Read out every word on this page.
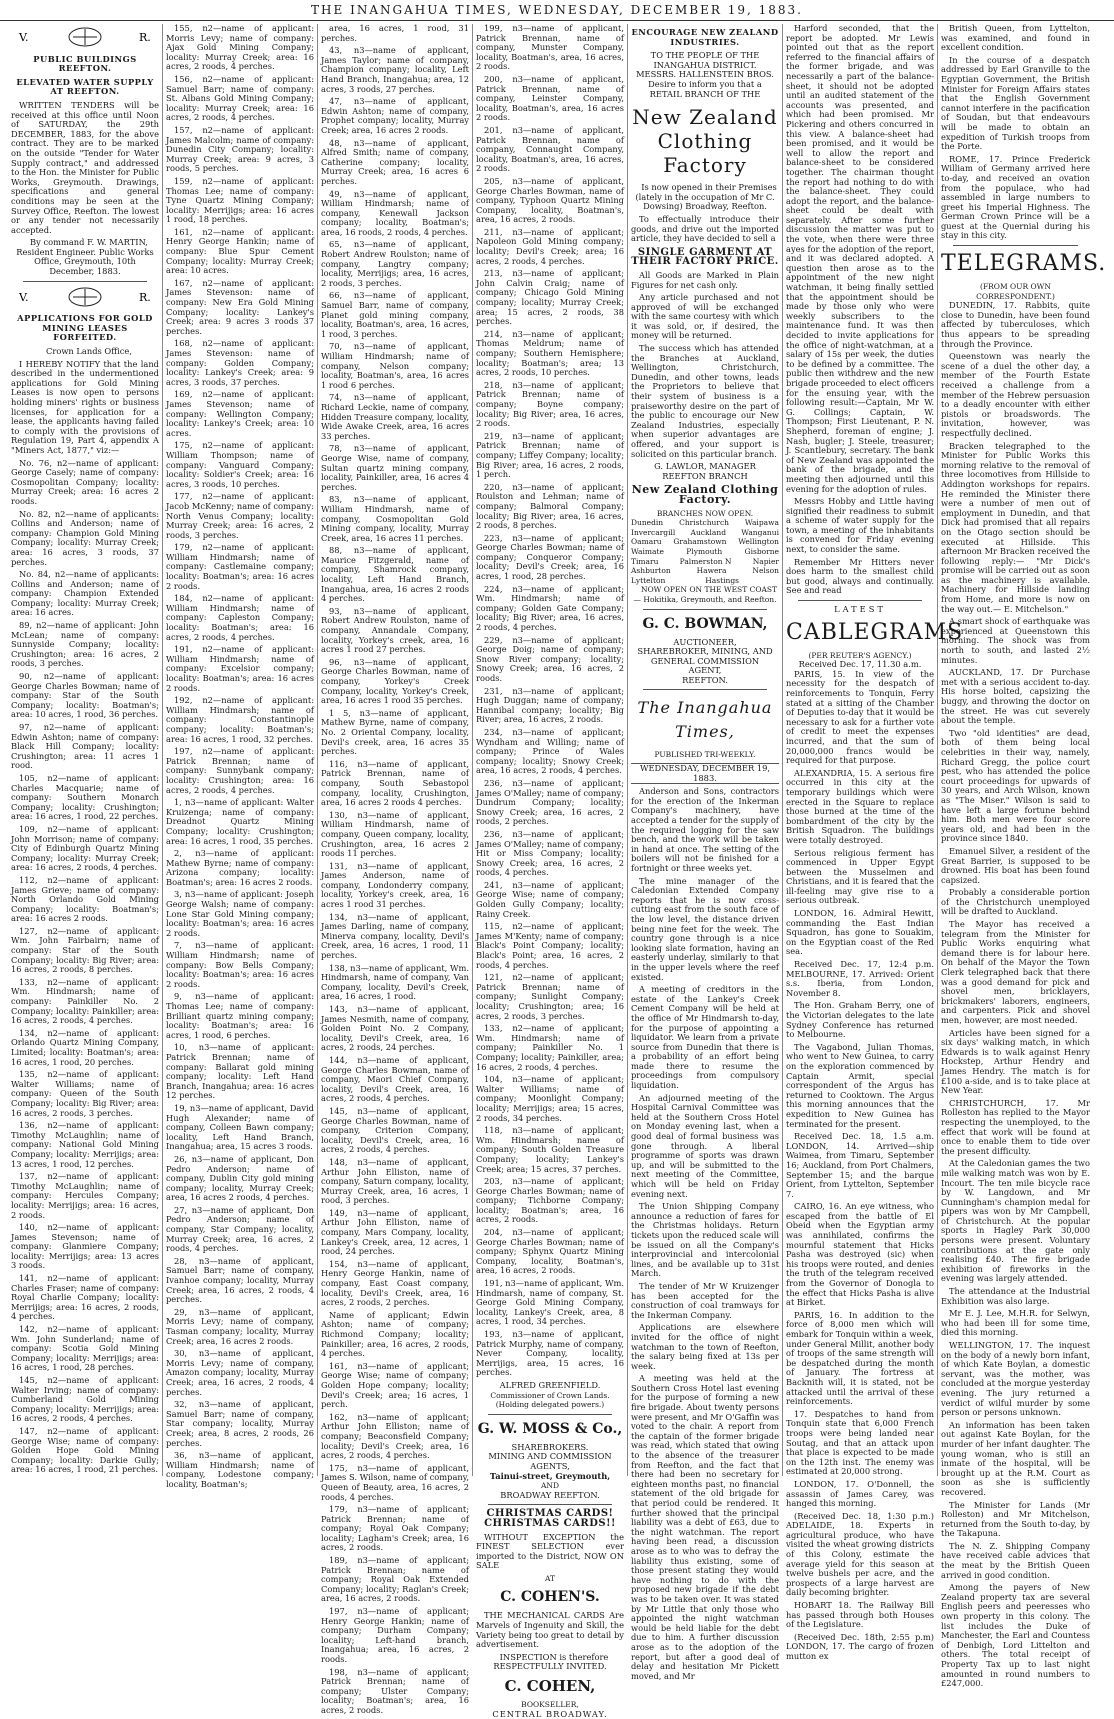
THE INANGAHUA TIMES, WEDNESDAY, DECEMBER 19, 1883.
V.	R.
PUBLIC BUILDINGS REEFTON.
ELEVATED WATER SUPPLY AT REEFTON.

WRITTEN TENDERS will be received at this office until Noon of SATURDAY, the 29th DECEMBER, 1883, for the above contract. They are to be marked on the outside "Tender for Water Supply contract," and addressed to the Hon. the Minister for Public Works, Greymouth. Drawings, specifications and general conditions may be seen at the Survey Office, Reefton. The lowest or any tender not necessarily accepted.

By command F. W. MARTIN, Resident Engineer. Public Works Office, Greymouth, 10th December, 1883.

V.	R.
APPLICATIONS FOR GOLD MINING LEASES FORFEITED.

Crown Lands Office,

I HEREBY NOTIFY that the land described in the undermentioned applications for Gold Mining Leases is now open to persons holding miners' rights or business licenses, for application for a lease, the applicants having failed to comply with the provisions of Regulation 19, Part 4, appendix A "Miners Act, 1877," viz:—

No. 76, n2—name of applicant: George Casely; name of company: Cosmopolitan Company; locality: Murray Creek; area: 16 acres 2 roods.

No. 82, n2—name of applicants: Collins and Anderson; name of company: Champion Gold Mining Company; locality: Murray Creek; area: 16 acres, 3 roods, 37 perches.

No. 84, n2—name of applicants: Collins and Anderson; name of company: Champion Extended Company; locality: Murray Creek; area: 16 acres.

89, n2—name of applicant: John McLean; name of company: Sunnyside Company; locality: Crushington; area: 16 acres, 2 roods, 3 perches.

90, n2—name of applicant: George Charles Bowman; name of company: Star of the South Company; locality: Boatman's; area: 10 acres, 1 rood, 36 perches.

97, n2—name of applicant: Edwin Ashton; name of company: Black Hill Company; locality: Crushington; area: 11 acres 1 rood.

105, n2—name of applicant: Charles Macquarie; name of company: Southern Monarch Company; locality: Crushington; area: 16 acres, 1 rood, 22 perches.

109, n2—name of applicant: John Morrison; name of company: City of Edinburgh Quartz Mining Company; locality: Murray Creek; area: 16 acres, 2 roods, 4 perches.

112, n2—name of applicant: James Grieve; name of company: North Orlando Gold Mining Company; locality: Boatman's; area: 16 acres 2 roods.

127, n2—name of applicant: Wm. John Fairbairn; name of company: Star of the South Company; locality: Big River; area: 16 acres, 2 roods, 8 perches.

133, n2—name of applicant: Wm. Hindmarsh; name of company: Painkiller No. 2 Company; locality: Painkiller; area: 16 acres, 2 roods, 4 perches.

134, n2—name of applicant: Orlando Quartz Mining Company, Limited; locality: Boatman's; area: 16 acres, 1 rood, 20 perches.

135, n2—name of applicant: Walter Williams; name of company: Queen of the South Company; locality: Big River; area: 16 acres, 2 roods, 3 perches.

136, n2—name of applicant: Timothy McLaughlin; name of company: National Gold Mining Company; locality: Merrijigs; area: 13 acres, 1 rood, 12 perches.

137, n2—name of applicant: Timothy McLaughlin; name of company: Hercules Company; locality: Merrijigs; area: 16 acres, 2 roods.

140, n2—name of applicant: James Stevenson; name of company: Glanmiere Company; locality: Merrijigs; area: 13 acres 3 roods.

141, n2—name of applicant: Charles Fraser; name of company: Royal Charlie Company; locality: Merrijigs; area: 16 acres, 2 roods, 4 perches.

142, n2—name of applicant: Wm. John Sunderland; name of company: Scotia Gold Mining Company; locality: Merrijigs; area: 16 acres, 1 rood, 28 perches.

145, n2—name of applicant: Walter Irving; name of company: Cumberland Gold Mining Company; locality: Merrijigs; area: 16 acres, 2 roods, 4 perches.

147, n2—name of applicant: George Wise; name of company: Golden Hope Gold Mining Company; locality: Darkie Gully; area: 16 acres, 1 rood, 21 perches.

155, n2—name of applicant: Morris Levy; name of company: Ajax Gold Mining Company; locality: Murray Creek; area: 16 acres, 2 roods, 4 perches.

156, n2—name of applicant: Samuel Barr; name of company: St. Albans Gold Mining Company; locality: Murray Creek; area: 16 acres, 2 roods, 4 perches.

157, n2—name of applicant: James Malcolm; name of company: Dunedin City Company; locality: Murray Creek; area: 9 acres, 3 roods, 5 perches.

159, n2—name of applicant: Thomas Lee; name of company: Tyne Quartz Mining Company; locality: Merrijigs; area: 16 acres 1 rood, 18 perches.

161, n2—name of applicant: Henry George Hankin; name of company: Blue Spur Cement Company; locality: Murray Creek; area: 10 acres.

167, n2—name of applicant: James Stevenson: name of company: New Era Gold Mining Company; locality: Lankey's Creek; area: 9 acres 3 roods 37 perches.

168, n2—name of applicant: James Stevenson: name of company: Golden Company; locality: Lankey's Creek; area: 9 acres, 3 roods, 37 perches.

169, n2—name of applicant: James Stevenson; name of company: Wellington Company; locality: Lankey's Creek; area: 10 acres.

175, n2—name of applicant: William Thompson; name of company: Vanguard Company; locality: Soldier's Creek; area: 16 acres, 3 roods, 10 perches.

177, n2—name of applicant: Jacob McKenny; name of company: North Venus Company; locality: Murray Creek; area: 16 acres, 2 roods, 3 perches.

179, n2—name of applicant: William Hindmarsh; name of company: Castlemaine company; locality: Boatman's; area: 16 acres 2 roods.

184, n2—name of applicant: William Hindmarsh; name of company: Capleston Company; locality: Boatman's; area: 16 acres, 2 roods, 4 perches.

191, n2—name of applicant: William Hindmarsh; name of company: Excelsior company; locality: Boatman's; area: 16 acres 2 roods.

192, n2—name of applicant: William Hindmarsh; name of company: Constantinople company; locality: Boatman's; area: 16 acres, 1 rood, 32 perches.

197, n2—name of applicant: Patrick Brennan; name of company: Sunnybank company; locality: Crushington; area: 16 acres, 2 roods, 4 perches.

1, n3—name of applicant: Walter Kruizenga; name of company: Dreadnot Quartz Mining Company; locality: Crushington; area: 16 acres, 1 rood, 35 perches.

2, n3—name of applicant: Mathew Byrne; name of company: Arizona company; locality: Boatman's; area: 16 acres 2 roods.

3, n3—name of applicant: Joseph George Walsh; name of company: Lone Star Gold Mining company; locality: Boatman's; area: 16 acres 2 roods.

7, n3—name of applicant: William Hindmarsh; name of company: Bow Bells Company; locality: Boatman's; area: 16 acres 2 roods.

9, n3—name of applicant: Thomas Lee; name of company: Brilliant quartz mining company; locality: Boatman's; area: 16 acres, 1 rood, 6 perches.

10, n3—name of applicant: Patrick Brennan; name of company: Ballarat gold mining company; locality: Left Hand Branch, Inangahua; area: 16 acres 12 perches.

19, n3—name of applicant, David Hugh Alexander; name of company, Colleen Bawn company; locality, Left Hand Branch, Inangahua; area, 15 acres 3 roods.

26, n3—name of applicant, Don Pedro Anderson; name of company, Dublin City gold mining company; locality, Murray Creek; area, 16 acres 2 roods, 4 perches.

27, n3—name of applicant, Don Pedro Anderson; name of company, Star Company; locality, Murray Creek; area, 16 acres, 2 roods, 4 perches.

28, n3—name of applicant, Samuel Barr; name of company, Ivanhoe company; locality, Murray Creek; area, 16 acres, 2 roods, 4 perches.

29, n3—name of applicant, Morris Levy; name of company, Tasman company; locality, Murray Creek; area, 16 acres 2 roods.

30, n3—name of applicant, Morris Levy; name of company, Amazon company; locality, Murray Creek; area, 16 acres, 2 roods, 4 perches.

32, n3—name of applicant, Samuel Barr; name of company, Star company; locality, Murray Creek; area, 8 acres, 2 roods, 26 perches.

36, n3—name of applicant, William Hindmarsh; name of company, Lodestone company; locality, Boatman's;

area, 16 acres, 1 rood, 31 perches.

43, n3—name of applicant, James Taylor; name of company, Champion company; locality, Left Hand Branch, Inangahua; area, 12 acres, 3 roods, 27 perches.

47, n3—name of applicant, Edwin Ashton; name of company, Prophet company; locality, Murray Creek; area, 16 acres 2 roods.

48, n3—name of applicant, Alfred Smith; name of company, Catherine company; locality, Murray Creek; area, 16 acres 6 perches.

49, n3—name of applicant, William Hindmarsh; name of company, Kenewall Jackson company; locality, Boatman's; area, 16 roods, 2 roods, 4 perches.

65, n3—name of applicant, Robert Andrew Roulston; name of company, Langtry company; locality, Merrijigs; area, 16 acres, 2 roods, 3 perches.

66, n3—name of applicant, Samuel Barr, name of company, Planet gold mining company, locality, Boatman's, area, 16 acres, 1 rood, 3 perches.

70, n3—name of applicant, William Hindmarsh; name of company, Nelson company; locality, Boatman's, area, 16 acres 1 rood 6 perches.

74, n3—name of applicant, Richard Leckie, name of company, Hidden Treasure company, locality, Wide Awake Creek, area, 16 acres 33 perches.

78, n3—name of applicant, George Wise, name of company, Sultan quartz mining company, locality, Painkiller, area, 16 acres 4 perches.

83, n3—name of applicant, William Hindmarsh, name of company, Cosmopolitan Gold Mining company, locality, Murray Creek, area, 16 acres 11 perches.

88, n3—name of applicant, Maurice Fitzgerald, name of company, Shamrock company, locality, Left Hand Branch, Inangahua, area, 16 acres 2 roods 4 perches.

93, n3—name of applicant, Robert Andrew Roulston, name of company, Annandale Company, locality, Yorkey's creek, area, 16 acres 1 rood 27 perches.

96, n3—name of applicant, George Charles Bowman, name of company, Yorkey's Creek Company, locality, Yorkey's Creek, area, 16 acres 1 rood 35 perches.

1 5, n3—name of applicant, Mathew Byrne, name of company, No. 2 Oriental Company, locality, Devil's creek, area, 16 acres 35 perches.

116, n3—name of applicant, Patrick Brennan, name of company, South Sebastopol company, locality, Crushington, area, 16 acres 2 roods 4 perches.

130, n3—name of applicant, William Hindmarsh, name of company, Queen company, locality, Crushington, area, 16 acres 2 roods 11 perches.

131, n3—name of applicant, James Anderson, name of company, Londonderry company, locality, Yorkey's creek, area, 16 acres 1 rood 31 perches.

134, n3—name of applicant, James Darling, name of company, Minerva company, locality, Devil's Creek, area, 16 acres, 1 rood, 11 perches.

138, n3—name of applicant, Wm. Hindmarsh, name of company, Van Company, locality, Devil's Creek, area, 16 acres, 1 rood.

143, n3—name of applicant, James Nesmith, name of company, Golden Point No. 2 Company, locality, Devil's Creek, area, 16 acres, 2 roods, 24 perches.

144, n3—name of applicant, George Charles Bowman, name of company, Maori Chief Company, locality, Devil's Creek, area, 16 acres, 2 roods, 4 perches.

145, n3—name of applicant, George Charles Bowman, name of company, Criterion Company, locality, Devil's Creek, area, 16 acres, 2 roods, 4 perches.

148, n3—name of applicant, Arthur John Elliston, name of company, Saturn company, locality, Murray Creek, area, 16 acres, 1 rood, 3 perches.

149, n3—name of applicant, Arthur John Elliston, name of company, Mars Company, locality, Lankey's Creek, area, 12 acres, 1 rood, 24 perches.

154, n3—name of applicant, Henry George Hankin, name of company, East Coast company, locality, Devil's Creek, area, 16 acres, 2 roods, 2 perches.

Name of applicant; Edwin Ashton; name of company; Richmond Company; locality; Painkiller; area, 16 acres, 2 roods, 4 perches.

161, n3—name of applicant; George Wise; name of company; Golden Hope company; locality; Devil's Creek; area; 16 acres, 1 perch.

162, n3—name of applicant; Arthur John Elliston; name of company; Beaconsfield Company; locality; Devil's Creek; area, 16 acres, 2 roods, 4 perches.

175, n3—name of applicant, James S. Wilson, name of company, Queen of Beauty, area, 16 acres, 2 roods, 4 perches.

179, n3—name of applicant; Patrick Brennan; name of company; Royal Oak Company; locality; Lagham's Creek; area, 16 acres, 2 roods.

189, n3—name of applicant; Patrick Brennan; name of company; Royal Oak Extended Company; locality; Raglan's Creek; area, 16 acres, 2 roods.

197, n3—name of applicant; Henry George Hankin; name of company; Durham Company; locality; Left-hand branch, Inangahua; area, 16 acres, 2 roods.

198, n3—name of applicant; Patrick Brennan; name of company; Ulster Company; locality; Boatman's; area, 16 acres, 2 roods.

199, n3—name of applicant, Patrick Brennan, name of company, Munster Company, locality, Boatman's, area, 16 acres, 2 roods.

200, n3—name of applicant, Patrick Brennan, name of company, Leinster Company, locality, Boatman's, area, 16 acres 2 roods.

201, n3—name of applicant, Patrick Brennan, name of company, Connaught Company, locality, Boatman's, area, 16 acres, 2 roods.

205, n3—name of applicant, George Charles Bowman, name of company, Typhoon Quartz Mining Company, locality, Boatman's, area, 16 acres, 2 roods.

211, n3—name of applicant; Napoleon Gold Mining company; locality; Devil's Creek; area; 16 acres, 2 roods, 4 perches.

213, n3—name of applicant; John Calvin Craig; name of company; Chicago Gold Mining company; locality; Murray Creek; area; 15 acres, 2 roods, 38 perches.

214, n3—name of applicant; Thomas Meldrum; name of company; Southern Hemisphere; locality; Boatman's; area; 13 acres, 2 roods, 10 perches.

218, n3—name of applicant; Patrick Brennan; name of company; Boyne company; locality; Big River; area, 16 acres, 2 roods.

219, n3—name of applicant; Patrick Brennan; name of company; Liffey Company; locality; Big River; area, 16 acres, 2 roods, 1 perch.

220, n3—name of applicant; Roulston and Lehman; name of company; Balmoral Company; locality; Big River; area, 16 acres, 2 roods, 8 perches.

223, n3—name of applicant; George Charles Bowman; name of company; Conqueror Company; locality; Devil's Creek; area, 16 acres, 1 rood, 28 perches.

224, n3—name of applicant; Wm. Hindmarsh; name of company; Golden Gate Company; locality; Big River; area, 16 acres, 2 roods, 4 perches.

229, n3—name of applicant; George Doig; name of company; Snow River company; locality; Snowy Creek; area, 16 acres, 2 roods.

231, n3—name of applicant; Hugh Duggan; name of company; Hannibal company; locality; Big River; area, 16 acres, 2 roods.

234, n3—name of applicant; Wyndham and Willing; name of company; Prince of Wales company; locality; Snowy Creek; area, 16 acres, 2 roods, 4 perches.

236, n3—name of applicant; James O'Malley; name of company; Dundrum Company; locality; Snowy Creek; area, 16 acres, 2 roods, 2 perches.

236, n3—name of applicant; James O'Malley; name of company; Hit or Miss Company; locality; Snowy Creek; area, 16 acres, 2 roods, 4 perches.

241, n3—name of applicant; George Wise; name of company; Golden Gully Company; locality; Rainy Creek.

115, n2—name of applicant; James M'Kenty; name of company; Black's Point Company; locality; Black's Point; area, 16 acres, 2 roods, 4 perches.

121, n2—name of applicant; Patrick Brennan; name of company; Sunlight Company; locality; Crushington; area; 16 acres, 2 roods, 3 perches.

133, n2—name of applicant; Wm. Hindmarsh; name of company; Painkiller No. 1 Company; locality; Painkiller, area; 16 acres, 2 roods, 4 perches.

104, n3—name of applicant; Walter Williams; name of company; Moonlight Company; locality; Merrijigs; area; 15 acres, 2 roods, 34 perches.

118, n3—name of applicant; Wm. Hindmarsh; name of company; South Golden Treasure Company; locality; Lankey's Creek; area; 15 acres, 37 perches.

203, n3—name of applicant; George Charles Bowman; name of company; Tichborne Company; locality; Boatman's; area, 16 acres, 2 roods.

204, n3—name of applicant; George Charles Bowman; name of company; Sphynx Quartz Mining Company, locality, Boatman's, area, 16 acres, 2 roods.

191, n3—name of applicant, Wm. Hindmarsh, name of company, St. George Gold Mining Company, locality, Lankey's Creek, area, 8 acres, 1 rood, 34 perches.

193, n3—name of applicant, Patrick Murphy, name of company, Never Company, locality, Merrijigs, area, 15 acres, 16 perches.

ALFRED GREENFIELD.
Commissioner of Crown Lands.
(Holding delegated powers.)
G. W. MOSS & Co.,
SHAREBROKERS.
MINING AND COMMISSION AGENTS,
Tainui-street, Greymouth,
AND
BROADWAY REEFTON.
CHRISTMAS CARDS! CHRISTMAS CARDS!!

WITHOUT EXCEPTION the FINEST SELECTION ever imported to the District, NOW ON SALE

AT
C. COHEN'S.

THE MECHANICAL CARDS Are Marvels of Ingenuity and Skill, the Variety being too great to detail by advertisement.

INSPECTION is therefore RESPECTFULLY INVITED.

C. COHEN,
BOOKSELLER,
CENTRAL BROADWAY.
ENCOURAGE NEW ZEALAND INDUSTRIES.
TO THE PEOPLE OF THE INANGAHUA DISTRICT.
MESSRS. HALLENSTEIN BROS. Desire to inform you that a RETAIL BRANCH OF THE
New Zealand Clothing Factory

Is now opened in their Premises (lately in the occupation of Mr C. Dowsing) Broadway, Reefton.

To effectually introduce their goods, and drive out the imported article, they have decided to sell a

SINGLE GARMENT AT THEIR FACTORY PRICE.

All Goods are Marked in Plain Figures for net cash only.

Any article purchased and not approved of will be exchanged with the same courtesy with which it was sold, or, if desired, the money will be returned.

The success which has attended the Branches at Auckland, Wellington, Christchurch, Dunedin, and other towns, leads the Proprietors to believe that their system of business is a praiseworthy desire on the part of the public to encourage our New Zealand Industries, especially when superior advantages are offered, and your support is solicited on this particular branch.

G. LAWLOR, MANAGER REEFTON BRANCH
New Zealand Clothing Factory.
BRANCHES NOW OPEN.
Dunedin Christchurch Waipawa
Invercargill Auckland Wanganui
Oamaru Grahamstown Wellington
Waimate	Plymouth	Gisborne
Timaru	Palmerston N	Napier
Ashburton	Hawera	Nelson
Lyttelton	Hastings

NOW OPEN ON THE WEST COAST— Hokitika, Greymouth, and Reefton.

G. C. BOWMAN,
AUCTIONEER,
SHAREBROKER, MINING, AND
GENERAL COMMISSION
AGENT,
REEFTON.
The Inangahua Times,
PUBLISHED TRI-WEEKLY.
WEDNESDAY, DECEMBER 19, 1883.

Anderson and Sons, contractors for the erection of the Inkerman Company's machinery, have accepted a tender for the supply of the required logging for the saw bench, and the work will be taken in hand at once. The setting of the boilers will not be finished for a fortnight or three weeks yet.

The mine manager of the Caledonian Extended Company reports that he is now cross-cutting east from the south face of the low level, the distance driven being nine feet for the week. The country gone through is a nice looking slate formation, having an easterly underlay, similarly to that in the upper levels where the reef existed.

A meeting of creditors in the estate of the Lankey's Creek Cement Company will be held at the office of Mr Hindmarsh to-day, for the purpose of appointing a liquidator. We learn from a private source from Dunedin that there is a probability of an effort being made there to resume the proceedings from compulsory liquidation.

An adjourned meeting of the Hospital Carnival Committee was held at the Southern Cross Hotel on Monday evening last, when a good deal of formal business was gone through. A liberal programme of sports was drawn up, and will be submitted to the next meeting of the Committee, which will be held on Friday evening next.

The Union Shipping Company announce a reduction of fares for the Christmas holidays. Return tickets upon the reduced scale will be issued on all the Company's interprovincial and intercolonial lines, and be available up to 31st March.

The tender of Mr W Kruizenger has been accepted for the construction of coal tramways for the Inkerman Company.

Applications are elsewhere invited for the office of night watchman to the town of Reefton, the salary being fixed at 13s per week.

A meeting was held at the Southern Cross Hotel last evening for the purpose of forming a new fire brigade. About twenty persons were present, and Mr O'Gaffin was voted to the chair. A report from the captain of the former brigade was read, which stated that owing to the absence of the treasurer from Reefton, and the fact that there had been no secretary for eighteen months past, no financial statement of the old brigade for that period could be rendered. It further showed that the principal liability was a debt of £63, due to the night watchman. The report having been read, a discussion arose as to who was to defray the liability thus existing, some of those present stating they would have nothing to do with the proposed new brigade if the debt was to be taken over. It was stated by Mr Little that only those who appointed the night watchman would be held liable for the debt due to him. A further discussion arose as to the adoption of the report, but after a good deal of delay and hesitation Mr Pickett moved, and Mr

Harford seconded, that the report be adopted. Mr Lewis pointed out that as the report referred to the financial affairs of the former brigade, and was necessarily a part of the balance-sheet, it should not be adopted until an audited statement of the accounts was presented, and which had been promised. Mr Pickering and others concurred in this view. A balance-sheet had been promised, and it would be well to allow the report and balance-sheet to be considered together. The chairman thought the report had nothing to do with the balance-sheet. They could adopt the report, and the balance-sheet could be dealt with separately. After some further discussion the matter was put to the vote, when there were three ayes for the adoption of the report, and it was declared adopted. A question then arose as to the appointment of the new night watchman, it being finally settled that the appointment should be made by those only who were weekly subscribers to the maintenance fund. It was then decided to invite applications for the office of night-watchman, at a salary of 15s per week, the duties to be defined by a committee. The public then withdrew and the new brigade proceeded to elect officers for the ensuing year, with the following result:—Captain, Mr W. G. Collings; Captain, W. Thompson; First Lieutenant, P. N. Shepherd, foreman of engine; J. Nash, bugler; J. Steele, treasurer; J. Scantlebury, secretary. The bank of New Zealand was appointed the bank of the brigade, and the meeting then adjourned until this evening for the adoption of rules.

Messrs Hobby and Little having signified their readiness to submit a scheme of water supply for the town, a meeting of the inhabitants is convened for Friday evening next, to consider the same.

Remember Mr Hitters never does harm to the smallest child but good, always and continually. See and read

LATEST
CABLEGRAMS
(PER REUTER'S AGENCY.)
Received Dec. 17, 11.30 a.m.

PARIS, 15. In view of the necessity for the despatch of reinforcements to Tonquin, Ferry stated at a sitting of the Chamber of Deputies to-day that it would be necessary to ask for a further vote of credit to meet the expenses incurred, and that the sum of 20,000,000 francs would be required for that purpose.

ALEXANDRIA, 15. A serious fire occurred in this city at the temporary buildings which were erected in the Square to replace those burned at the time of the bombardment of the city by the British Squadron. The buildings were totally destroyed.

Serious religious ferment has commenced in Upper Egypt between the Musselmen and Christians, and it is feared that the ill-feeling may give rise to a serious outbreak.

LONDON, 16. Admiral Hewitt, commanding the East Indian Squadron, has gone to Souakim, on the Egyptian coast of the Red sea.

Received Dec. 17, 12:4 p.m. MELBOURNE, 17. Arrived: Orient s.s. Iberia, from London, November 8.

The Hon. Graham Berry, one of the Victorian delegates to the late Sydney Conference has returned to Melbourne.

The Vagabond, Julian Thomas, who went to New Guinea, to carry on the exploration commenced by Captain Armit, special correspondent of the Argus has returned to Cooktown. The Argus this morning announces that the expedition to New Guinea has terminated for the present.

Received Dec. 18, 1.5 a.m. LONDON, 14. Arrived—ship Waimea, from Timaru, September 16; Auckland, from Port Chalmers, September 15; and the barque Orient, from Lyttelton, September 7.

CAIRO, 16. An eye witness, who escaped from the battle of El Obeid when the Egyptian army was annihilated, confirms the mournful statement that Hicks Pasha was destroyed (sic) when his troops were routed, and denies the truth of the telegram received from the Governor of Donogla to the effect that Hicks Pasha is alive at Birket.

PARIS, 16. In addition to the force of 8,000 men which will embark for Tonquin within a week, under General Millit, another body of troops of the same strength will be despatched during the month of January. The fortress at Backnith will, it is stated, not be attacked until the arrival of these reinforcements.

17. Despatches to hand from Tonquin state that 6,000 French troops were being landed near Soutag, and that an attack upon that place is expected to be made on the 12th inst. The enemy was estimated at 20,000 strong.

LONDON, 17. O'Donnell, the assassin of James Carey, was hanged this morning.

(Received Dec. 18, 1:30 p.m.) ADELAIDE, 18. Experts in agricultural produce, who have visited the wheat growing districts of this Colony, estimate the average yield for this season at twelve bushels per acre, and the prospects of a large harvest are daily becoming brighter.

HOBART 18. The Railway Bill has passed through both Houses of the Legislature.

(Received Dec. 18th, 2:55 p.m) LONDON, 17. The cargo of frozen mutton ex

British Queen, from Lyttelton, was examined, and found in excellent condition.

In the course of a despatch addressed by Earl Granville to the Egyptian Government, the British Minister for Foreign Affairs states that the English Government cannot interfere in the pacification of Soudan, but that endeavours will be made to obtain an expedition of Turkish troops from the Porte.

ROME, 17. Prince Frederick William of Germany arrived here to-day, and received an ovation from the populace, who had assembled in large numbers to greet his Imperial Highness. The German Crown Prince will be a guest at the Quernial during his stay in this city.

TELEGRAMS.
(FROM OUR OWN CORRESPONDENT.)

DUNEDIN, 17. Rabbits, quite close to Dunedin, have been found affected by tuberculoses, which thus appears to be spreading through the Province.

Queenstown was nearly the scene of a duel the other day, a member of the Fourth Estate received a challenge from a member of the Hebrew persuasion to a deadly encounter with either pistols or broadswords. The invitation, however, was respectfully declined.

Bracken telegraphed to the Minister for Public Works this morning relative to the removal of three locomotives from Hillside to Addington workshops for repairs. He reminded the Minister there were a number of men out of employment in Dunedin, and that Dick had promised that all repairs on the Otago section should be executed at Hillside. This afternoon Mr Bracken received the following reply:— "Mr Dick's promise will be carried out as soon as the machinery is available. Machinery for Hillside landing from Home, and more is now on the way out.— E. Mitchelson."

A smart shock of earthquake was experienced at Queenstown this morning. The shock was from north to south, and lasted 2½ minutes.

AUCKLAND, 17. Dr Purchase met with a serious accident to-day. His horse bolted, capsizing the buggy, and throwing the doctor on the street. He was cut severely about the temple.

Two "old identities" are dead, both of them being local celebrities in their way, namely, Richard Gregg, the police court pest, who has attended the police court proceedings for upwards of 30 years, and Arch Wilson, known as "The Miser." Wilson is said to have left a large fortune behind him. Both men were four score years old, and had been in the province since 1840.

Emanuel Silver, a resident of the Great Barrier, is supposed to be drowned. His boat has been found capsized.

Probably a considerable portion of the Christchurch unemployed will be drafted to Auckland.

The Mayor has received a telegram from the Minister for Public Works enquiring what demand there is for labour here. On behalf of the Mayor the Town Clerk telegraphed back that there was a good demand for pick and shovel men, bricklayers, brickmakers' laborers, engineers, and carpenters. Pick and shovel men, however, are most needed.

Articles have been signed for a six days' walking match, in which Edwards is to walk against Henry Hockstep, Arthur Hendry and James Hendry. The match is for £100 a-side, and is to take place at New Year.

CHRISTCHURCH, 17. Mr Rolleston has replied to the Mayor respecting the unemployed, to the effect that work will be found at once to enable them to tide over the present difficulty.

At the Caledonian games the two mile walking match was won by E. Incourt. The ten mile bicycle race by W. Langdown, and Mr Cunningham's champion medal for pipers was won by Mr Campbell, of Christchurch. At the popular sports in Hagley Park 30,000 persons were present. Voluntary contributions at the gate only realising £40. The fire brigade exhibition of fireworks in the evening was largely attended.

The attendance at the Industrial Exhibition was also large.

Mr E. J. Lee, M.H.R. for Selwyn, who had been ill for some time, died this morning.

WELLINGTON, 17. The inquest on the body of a newly born infant, of which Kate Boylan, a domestic servant, was the mother, was concluded at the morgue yesterday evening. The jury returned a verdict of wilful murder by some person or persons unknown.

An information has been taken out against Kate Boylan, for the murder of her infant daughter. The young woman, who is still an inmate of the hospital, will be brought up at the R.M. Court as soon as she is sufficiently recovered.

The Minister for Lands (Mr Rolleston) and Mr Mitchelson, returned from the South to-day, by the Takapuna.

The N. Z. Shipping Company have received cable advices that the meat by the British Queen arrived in good condition.

Among the payers of New Zealand property tax are several English peers and peeresses who own property in this colony. The list includes the Duke of Manchester, the Earl and Countess of Denbigh, Lord Littelton and others. The total receipt of Property Tax up to last night amounted in round numbers to £247,000.
